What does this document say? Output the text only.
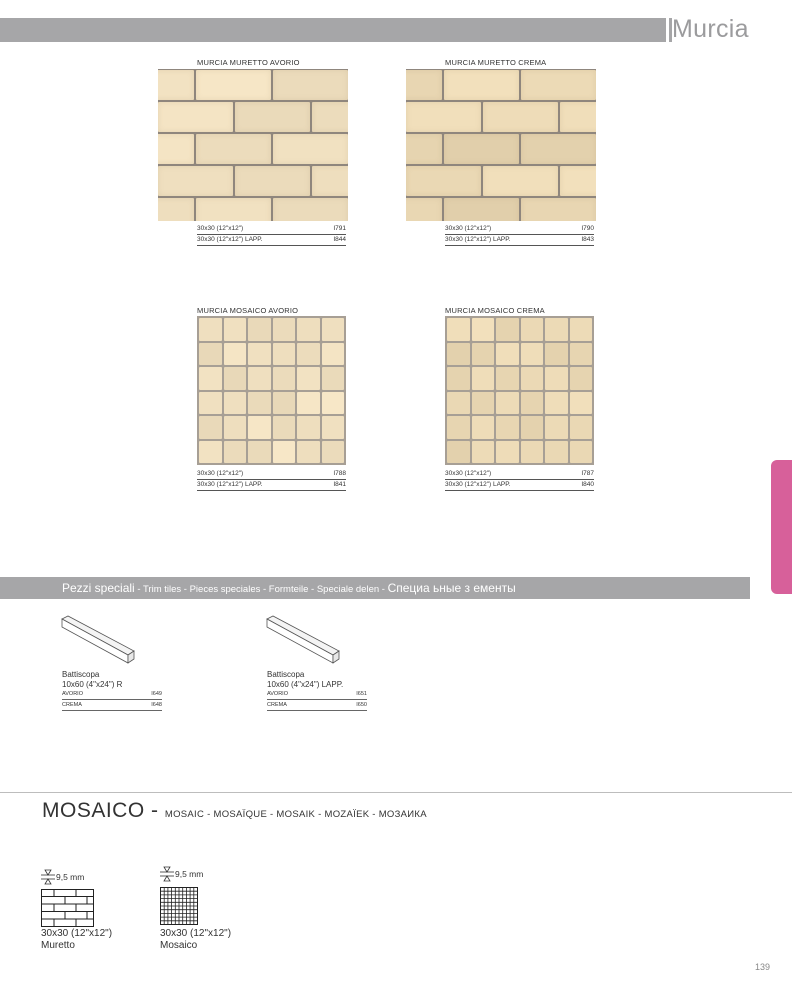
Murcia
MURCIA MURETTO AVORIO
30x30 (12"x12")	I791
30x30 (12"x12") LAPP.	I844
MURCIA MURETTO CREMA
30x30 (12"x12")	I790
30x30 (12"x12") LAPP.	I843
MURCIA MOSAICO AVORIO
30x30 (12"x12")	I788
30x30 (12"x12") LAPP.	I841
MURCIA MOSAICO CREMA
30x30 (12"x12")	I787
30x30 (12"x12") LAPP.	I840
Pezzi speciali - Trim tiles - Pieces speciales - Formteile - Speciale delen - Специа ьные з ементы
Battiscopa
10x60 (4"x24") R
AVORIO	I649
CREMA	I648
Battiscopa
10x60 (4"x24") LAPP.
AVORIO	I651
CREMA	I650
MOSAICO - MOSAIC - MOSAÏQUE - MOSAIK - MOZAÏEK - МОЗАИКА
9,5 mm
30x30 (12"x12")
Muretto
9,5 mm
30x30 (12"x12")
Mosaico
139
